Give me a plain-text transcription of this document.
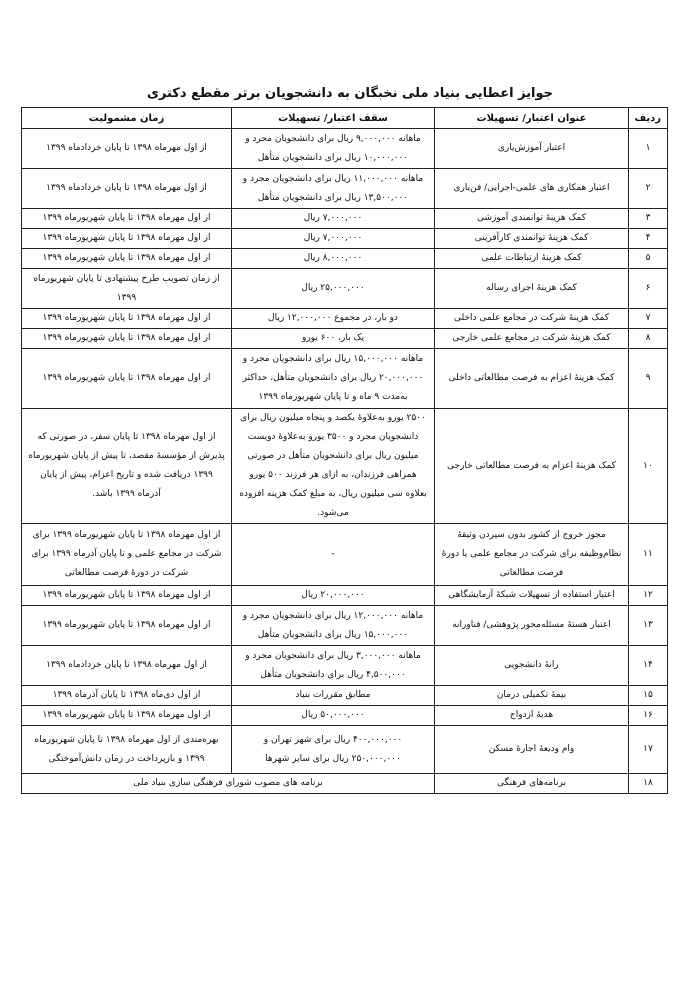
جوایز اعطایی بنیاد ملی نخبگان به دانشجویان برتر مقطع دکتری
ردیف	عنوان اعتبار/ تسهیلات	سقف اعتبار/ تسهیلات	زمان مشمولیت
۱	اعتبار آموزش‌یاری	ماهانه ۹,۰۰۰,۰۰۰ ریال برای دانشجویان مجرد و ۱۰,۰۰۰,۰۰۰ ریال برای دانشجویان متأهل	از اول مهرماه ۱۳۹۸ تا پایان خردادماه ۱۳۹۹
۲	اعتبار همکاری های علمی-اجرایی/ فن‌یاری	ماهانه ۱۱,۰۰۰,۰۰۰ ریال برای دانشجویان مجرد و ۱۳,۵۰۰,۰۰۰ ریال برای دانشجویان متأهل	از اول مهرماه ۱۳۹۸ تا پایان خردادماه ۱۳۹۹
۳	کمک هزینۀ توانمندی آموزشی	۷,۰۰۰,۰۰۰ ریال	از اول مهرماه ۱۳۹۸ تا پایان شهریورماه ۱۳۹۹
۴	کمک هزینۀ توانمندی کارآفرینی	۷,۰۰۰,۰۰۰ ریال	از اول مهرماه ۱۳۹۸ تا پایان شهریورماه ۱۳۹۹
۵	کمک هزینۀ ارتباطات علمی	۸,۰۰۰,۰۰۰ ریال	از اول مهرماه ۱۳۹۸ تا پایان شهریورماه ۱۳۹۹
۶	کمک هزینۀ اجرای رساله	۲۵,۰۰۰,۰۰۰ ریال	از زمان تصویب طرح پیشنهادی تا پایان شهریورماه ۱۳۹۹
۷	کمک هزینۀ شرکت در مجامع علمی داخلی	دو بار، در مجموع ۱۲,۰۰۰,۰۰۰ ریال	از اول مهرماه ۱۳۹۸ تا پایان شهریورماه ۱۳۹۹
۸	کمک هزینۀ شرکت در مجامع علمی خارجی	یک بار، ۶۰۰ یورو	از اول مهرماه ۱۳۹۸ تا پایان شهریورماه ۱۳۹۹
۹	کمک هزینۀ اعزام به فرصت مطالعاتی داخلی	ماهانه ۱۵,۰۰۰,۰۰۰ ریال برای دانشجویان مجرد و ۲۰,۰۰۰,۰۰۰ ریال برای دانشجویان متأهل، حداکثر به‌مدت ۹ ماه و تا پایان شهریورماه ۱۳۹۹	از اول مهرماه ۱۳۹۸ تا پایان شهریورماه ۱۳۹۹
۱۰	کمک هزینۀ اعزام به فرصت مطالعاتی خارجی	۲۵۰۰ یورو به‌علاوۀ یکصد و پنجاه میلیون ریال برای دانشجویان مجرد و ۳۵۰۰ یورو به‌علاوۀ دویست میلیون ریال برای دانشجویان متأهل در صورتی همراهی فرزندان، به ازای هر فرزند ۵۰۰ یورو بعلاوه سی میلیون ریال، به مبلغ کمک هزینه افزوده می‌شود.	از اول مهرماه ۱۳۹۸ تا پایان سفر، در صورتی که پذیرش از مؤسسۀ مقصد، تا پیش از پایان شهریورماه ۱۳۹۹ دریافت شده و تاریخ اعزام، پیش از پایان آذرماه ۱۳۹۹ باشد.
۱۱	مجوز خروج از کشور بدون سپردن وثیقۀ نظام‌وظیفه برای شرکت در مجامع علمی یا دورۀ فرصت مطالعاتی	-	از اول مهرماه ۱۳۹۸ تا پایان شهریورماه ۱۳۹۹ برای شرکت در مجامع علمی و تا پایان آذرماه ۱۳۹۹ برای شرکت در دورۀ فرصت مطالعاتی
۱۲	اعتبار استفاده از تسهیلات شبکۀ آزمایشگاهی	۲۰,۰۰۰,۰۰۰ ریال	از اول مهرماه ۱۳۹۸ تا پایان شهریورماه ۱۳۹۹
۱۳	اعتبار هستۀ مسئله‌محور پژوهشی/ فناورانه	ماهانه ۱۲,۰۰۰,۰۰۰ ریال برای دانشجویان مجرد و ۱۵,۰۰۰,۰۰۰ ریال برای دانشجویان متأهل	از اول مهرماه ۱۳۹۸ تا پایان شهریورماه ۱۳۹۹
۱۴	رانۀ دانشجویی	ماهانه ۳,۰۰۰,۰۰۰ ریال برای دانشجویان مجرد و ۴,۵۰۰,۰۰۰ ریال برای دانشجویان متأهل	از اول مهرماه ۱۳۹۸ تا پایان خردادماه ۱۳۹۹
۱۵	بیمۀ تکمیلی درمان	مطابق مقررات بنیاد	از اول دی‌ماه ۱۳۹۸ تا پایان آذرماه ۱۳۹۹
۱۶	هدیۀ ازدواج	۵۰,۰۰۰,۰۰۰ ریال	از اول مهرماه ۱۳۹۸ تا پایان شهریورماه ۱۳۹۹
۱۷	وام ودیعۀ اجارۀ مسکن	۴۰۰,۰۰۰,۰۰۰ ریال برای شهر تهران و ۲۵۰,۰۰۰,۰۰۰ ریال برای سایر شهرها	بهره‌مندی از اول مهرماه ۱۳۹۸ تا پایان شهریورماه ۱۳۹۹ و بازپرداخت در زمان دانش‌آموختگی
۱۸	برنامه‌های فرهنگی	برنامه های مصوب شورای فرهنگی سازی بنیاد ملی	
